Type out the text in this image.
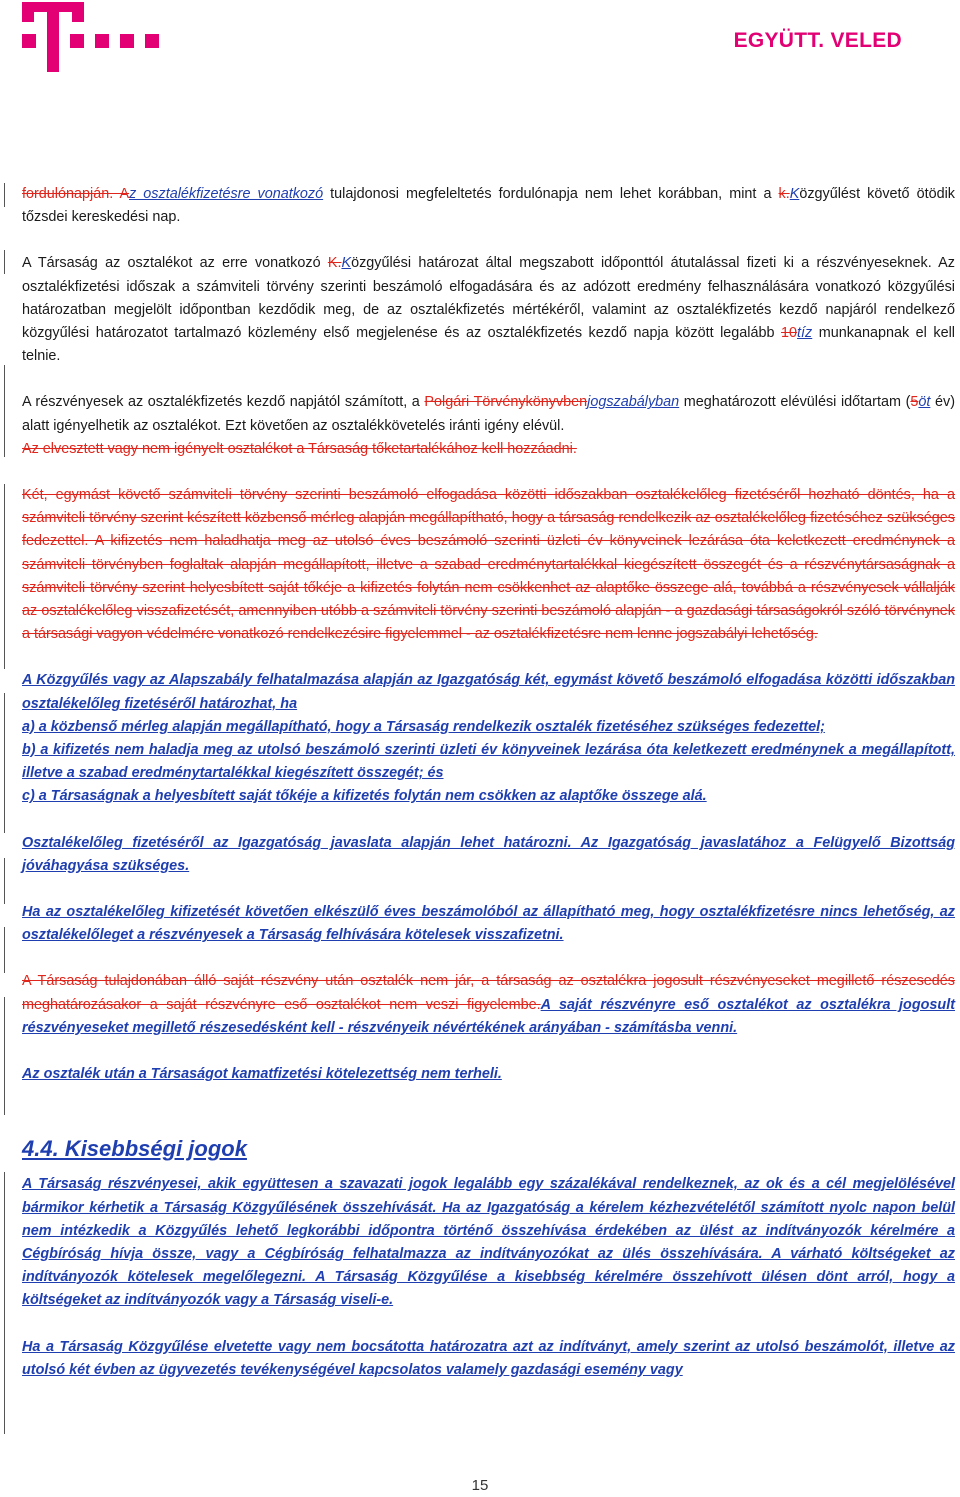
EGYÜTT. VELED

fordulónapján. Az osztalékfizetésre vonatkozó tulajdonosi megfeleltetés fordulónapja nem lehet korábban, mint a k.Közgyűlést követő ötödik tőzsdei kereskedési nap.

A Társaság az osztalékot az erre vonatkozó K.Közgyűlési határozat által megszabott időponttól átutalással fizeti ki a részvényeseknek. Az osztalékfizetési időszak a számviteli törvény szerinti beszámoló elfogadására és az adózott eredmény felhasználására vonatkozó közgyűlési határozatban megjelölt időpontban kezdődik meg, de az osztalékfizetés mértékéről, valamint az osztalékfizetés kezdő napjáról rendelkező közgyűlési határozatot tartalmazó közlemény első megjelenése és az osztalékfizetés kezdő napja között legalább 10tíz munkanapnak el kell telnie.

A részvényesek az osztalékfizetés kezdő napjától számított, a Polgári Törvénykönyvbenjogszabályban meghatározott elévülési időtartam (5öt év) alatt igényelhetik az osztalékot. Ezt követően az osztalékkövetelés iránti igény elévül.

Az elvesztett vagy nem igényelt osztalékot a Társaság tőketartalékához kell hozzáadni.

Két, egymást követő számviteli törvény szerinti beszámoló elfogadása közötti időszakban osztalékelőleg fizetéséről hozható döntés, ha a számviteli törvény szerint készített közbenső mérleg alapján megállapítható, hogy a társaság rendelkezik az osztalékelőleg fizetéséhez szükséges fedezettel. A kifizetés nem haladhatja meg az utolsó éves beszámoló szerinti üzleti év könyveinek lezárása óta keletkezett eredménynek a számviteli törvényben foglaltak alapján megállapított, illetve a szabad eredménytartalékkal kiegészített összegét és a részvénytársaságnak a számviteli törvény szerint helyesbített saját tőkéje a kifizetés folytán nem csökkenhet az alaptőke összege alá, továbbá a részvényesek vállalják az osztalékelőleg visszafizetését, amennyiben utóbb a számviteli törvény szerinti beszámoló alapján - a gazdasági társaságokról szóló törvénynek a társasági vagyon védelmére vonatkozó rendelkezésire figyelemmel - az osztalékfizetésre nem lenne jogszabályi lehetőség.

A Közgyűlés vagy az Alapszabály felhatalmazása alapján az Igazgatóság két, egymást követő beszámoló elfogadása közötti időszakban osztalékelőleg fizetéséről határozhat, ha

a) a közbenső mérleg alapján megállapítható, hogy a Társaság rendelkezik osztalék fizetéséhez szükséges fedezettel;

b) a kifizetés nem haladja meg az utolsó beszámoló szerinti üzleti év könyveinek lezárása óta keletkezett eredménynek a megállapított, illetve a szabad eredménytartalékkal kiegészített összegét; és

c) a Társaságnak a helyesbített saját tőkéje a kifizetés folytán nem csökken az alaptőke összege alá.

Osztalékelőleg fizetéséről az Igazgatóság javaslata alapján lehet határozni. Az Igazgatóság javaslatához a Felügyelő Bizottság jóváhagyása szükséges.

Ha az osztalékelőleg kifizetését követően elkészülő éves beszámolóból az állapítható meg, hogy osztalékfizetésre nincs lehetőség, az osztalékelőleget a részvényesek a Társaság felhívására kötelesek visszafizetni.

A Társaság tulajdonában álló saját részvény után osztalék nem jár, a társaság az osztalékra jogosult részvényeseket megillető részesedés meghatározásakor a saját részvényre eső osztalékot nem veszi figyelembe.A saját részvényre eső osztalékot az osztalékra jogosult részvényeseket megillető részesedésként kell - részvényeik névértékének arányában - számításba venni.

Az osztalék után a Társaságot kamatfizetési kötelezettség nem terheli.

4.4. Kisebbségi jogok

A Társaság részvényesei, akik együttesen a szavazati jogok legalább egy százalékával rendelkeznek, az ok és a cél megjelölésével bármikor kérhetik a Társaság Közgyűlésének összehívását. Ha az Igazgatóság a kérelem kézhezvételétől számított nyolc napon belül nem intézkedik a Közgyűlés lehető legkorábbi időpontra történő összehívása érdekében az ülést az indítványozók kérelmére a Cégbíróság hívja össze, vagy a Cégbíróság felhatalmazza az indítványozókat az ülés összehívására. A várható költségeket az indítványozók kötelesek megelőlegezni. A Társaság Közgyűlése a kisebbség kérelmére összehívott ülésen dönt arról, hogy a költségeket az indítványozók vagy a Társaság viseli-e.

Ha a Társaság Közgyűlése elvetette vagy nem bocsátotta határozatra azt az indítványt, amely szerint az utolsó beszámolót, illetve az utolsó két évben az ügyvezetés tevékenységével kapcsolatos valamely gazdasági esemény vagy

15
